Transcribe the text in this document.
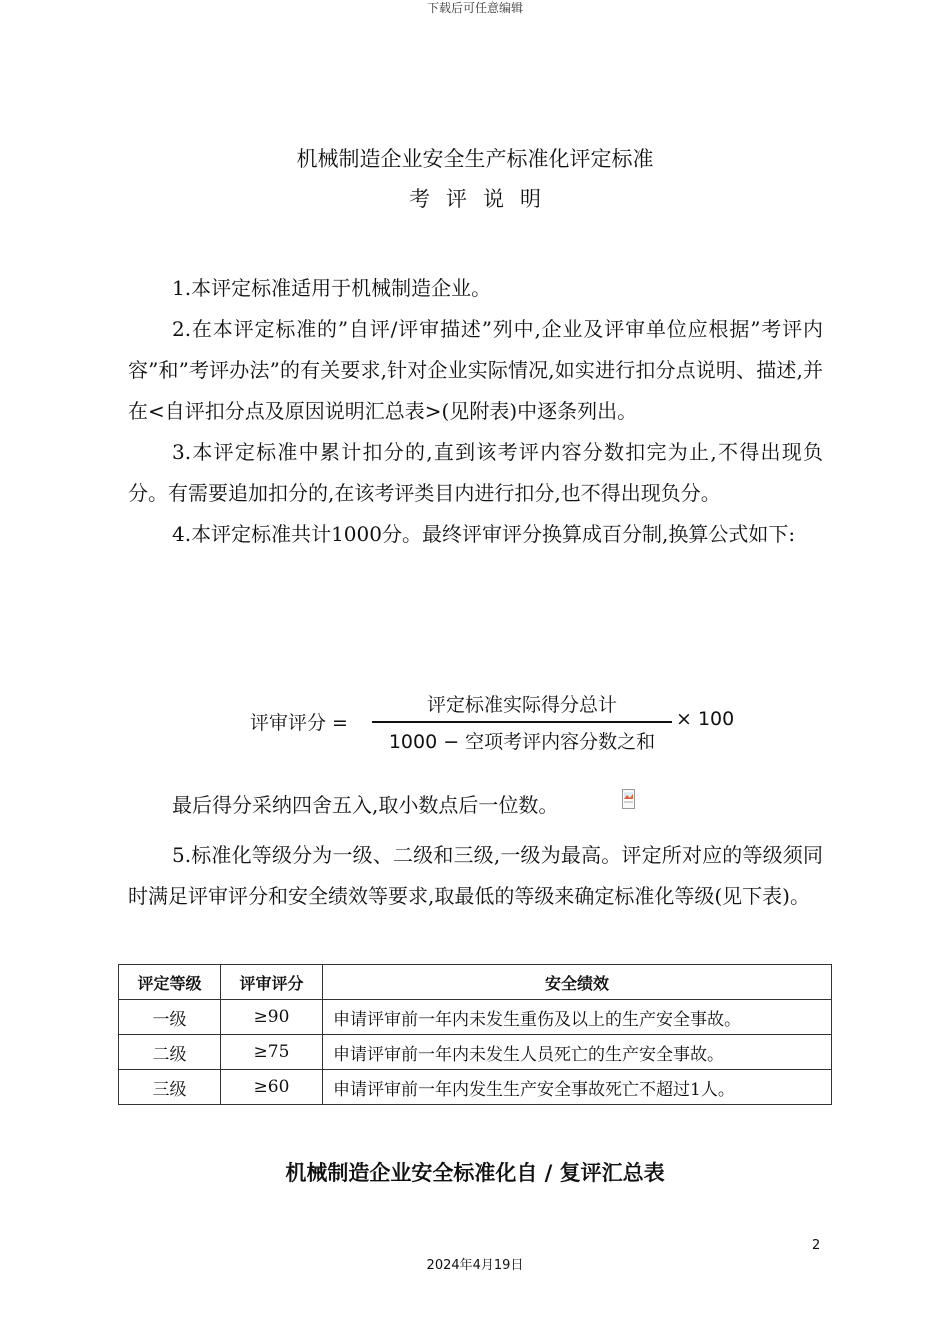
下载后可任意编辑
机械制造企业安全生产标准化评定标准
考评说明

1.本评定标准适用于机械制造企业。

2.在本评定标准的”自评/评审描述”列中,企业及评审单位应根据”考评内容”和”考评办法”的有关要求,针对企业实际情况,如实进行扣分点说明、描述,并在<自评扣分点及原因说明汇总表>(见附表)中逐条列出。

3.本评定标准中累计扣分的,直到该考评内容分数扣完为止,不得出现负分。有需要追加扣分的,在该考评类目内进行扣分,也不得出现负分。

4.本评定标准共计1000分。最终评审评分换算成百分制,换算公式如下:

评审评分 =
评定标准实际得分总计
1000 − 空项考评内容分数之和
× 100
最后得分采纳四舍五入,取小数点后一位数。

5.标准化等级分为一级、二级和三级,一级为最高。评定所对应的等级须同时满足评审评分和安全绩效等要求,取最低的等级来确定标准化等级(见下表)。

评定等级	评审评分	安全绩效
一级	≥90	申请评审前一年内未发生重伤及以上的生产安全事故。
二级	≥75	申请评审前一年内未发生人员死亡的生产安全事故。
三级	≥60	申请评审前一年内发生生产安全事故死亡不超过1人。
机械制造企业安全标准化自 / 复评汇总表
2
2024年4月19日
